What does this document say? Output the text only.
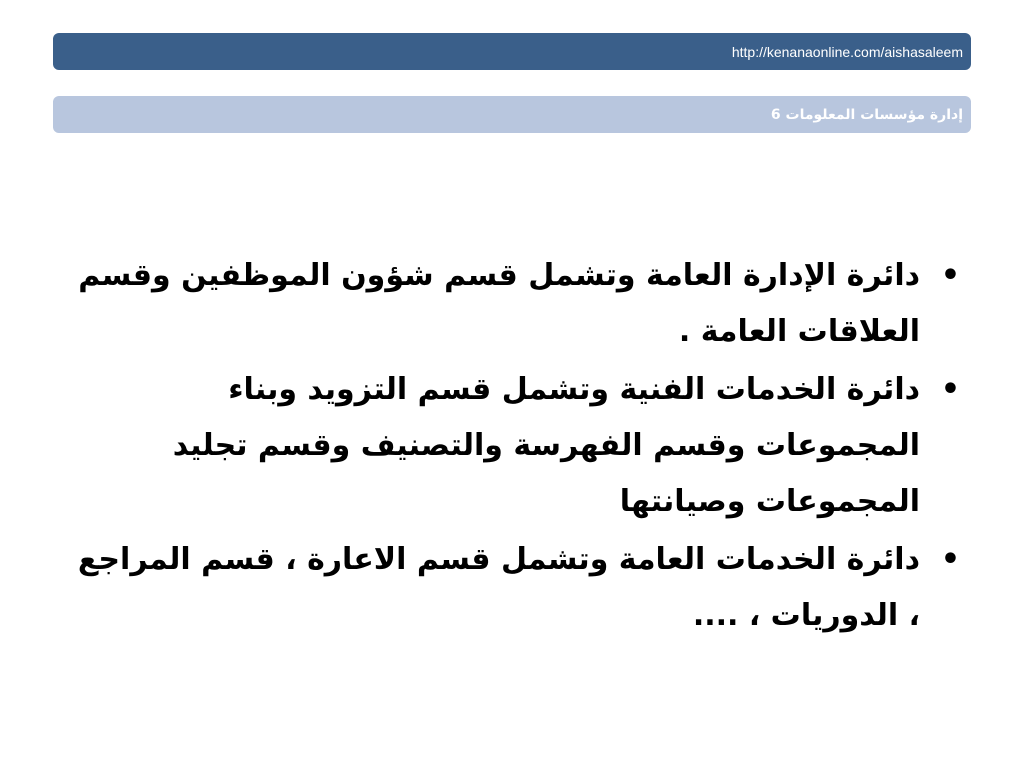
http://kenanaonline.com/aishasaleem
إدارة مؤسسات المعلومات 6
•
دائرة الإدارة العامة وتشمل قسم شؤون الموظفين وقسم العلاقات العامة .
•
دائرة الخدمات الفنية وتشمل قسم التزويد وبناء المجموعات وقسم الفهرسة والتصنيف وقسم تجليد المجموعات وصيانتها
•
دائرة الخدمات العامة وتشمل قسم الاعارة ، قسم المراجع ، الدوريات ، ....
